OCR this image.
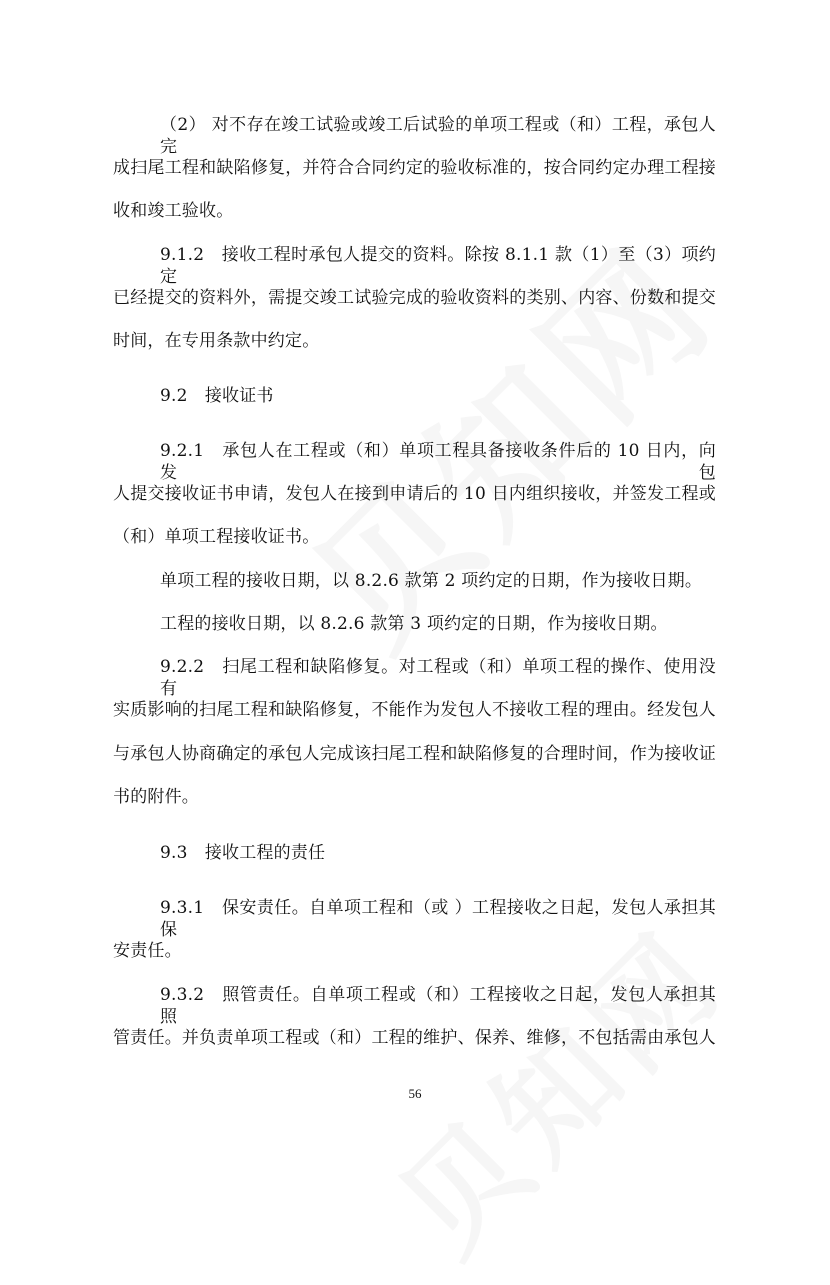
（2） 对不存在竣工试验或竣工后试验的单项工程或（和）工程，承包人完
成扫尾工程和缺陷修复，并符合合同约定的验收标准的，按合同约定办理工程接
收和竣工验收。
9.1.2　接收工程时承包人提交的资料。除按 8.1.1 款（1）至（3）项约定
已经提交的资料外，需提交竣工试验完成的验收资料的类别、内容、份数和提交
时间，在专用条款中约定。
9.2　接收证书
9.2.1　承包人在工程或（和）单项工程具备接收条件后的 10 日内，向发包
人提交接收证书申请，发包人在接到申请后的 10 日内组织接收，并签发工程或
（和）单项工程接收证书。
单项工程的接收日期，以 8.2.6 款第 2 项约定的日期，作为接收日期。
工程的接收日期，以 8.2.6 款第 3 项约定的日期，作为接收日期。
9.2.2　扫尾工程和缺陷修复。对工程或（和）单项工程的操作、使用没有
实质影响的扫尾工程和缺陷修复，不能作为发包人不接收工程的理由。经发包人
与承包人协商确定的承包人完成该扫尾工程和缺陷修复的合理时间，作为接收证
书的附件。
9.3　接收工程的责任
9.3.1　保安责任。自单项工程和（或 ）工程接收之日起，发包人承担其保
安责任。
9.3.2　照管责任。自单项工程或（和）工程接收之日起，发包人承担其照
管责任。并负责单项工程或（和）工程的维护、保养、维修，不包括需由承包人
56
